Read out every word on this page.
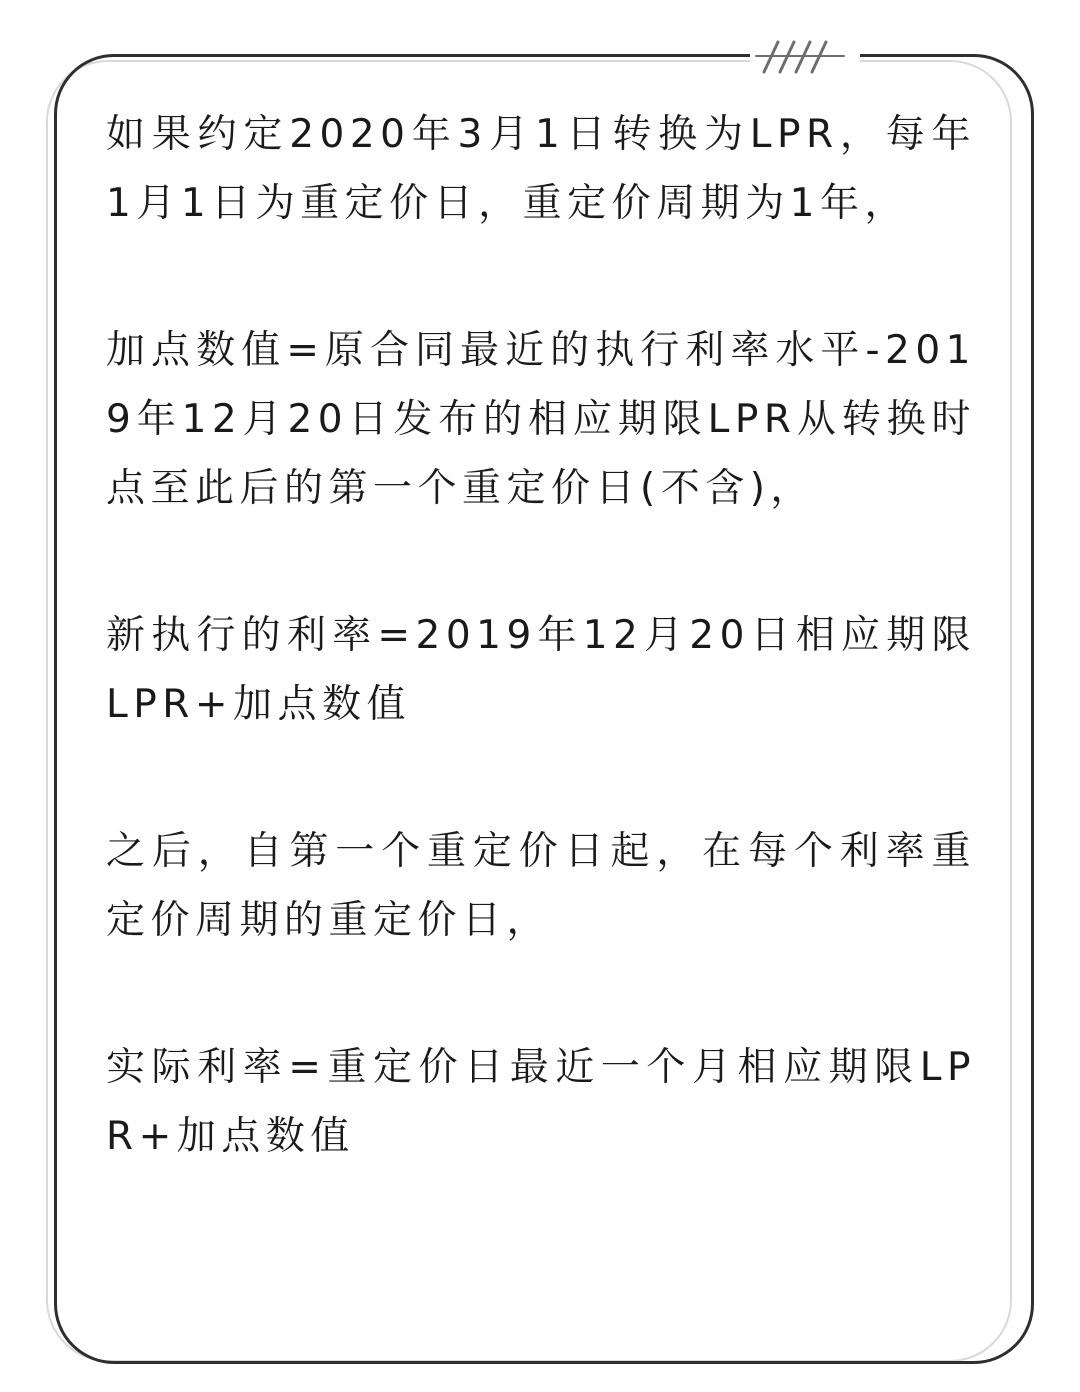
如果约定2020年3月1日转换为LPR，每年1月1日为重定价日，重定价周期为1年，

加点数值=原合同最近的执行利率水平-2019年12月20日发布的相应期限LPR从转换时点至此后的第一个重定价日(不含)，

新执行的利率=2019年12月20日相应期限LPR+加点数值

之后，自第一个重定价日起，在每个利率重定价周期的重定价日，

实际利率=重定价日最近一个月相应期限LPR+加点数值
